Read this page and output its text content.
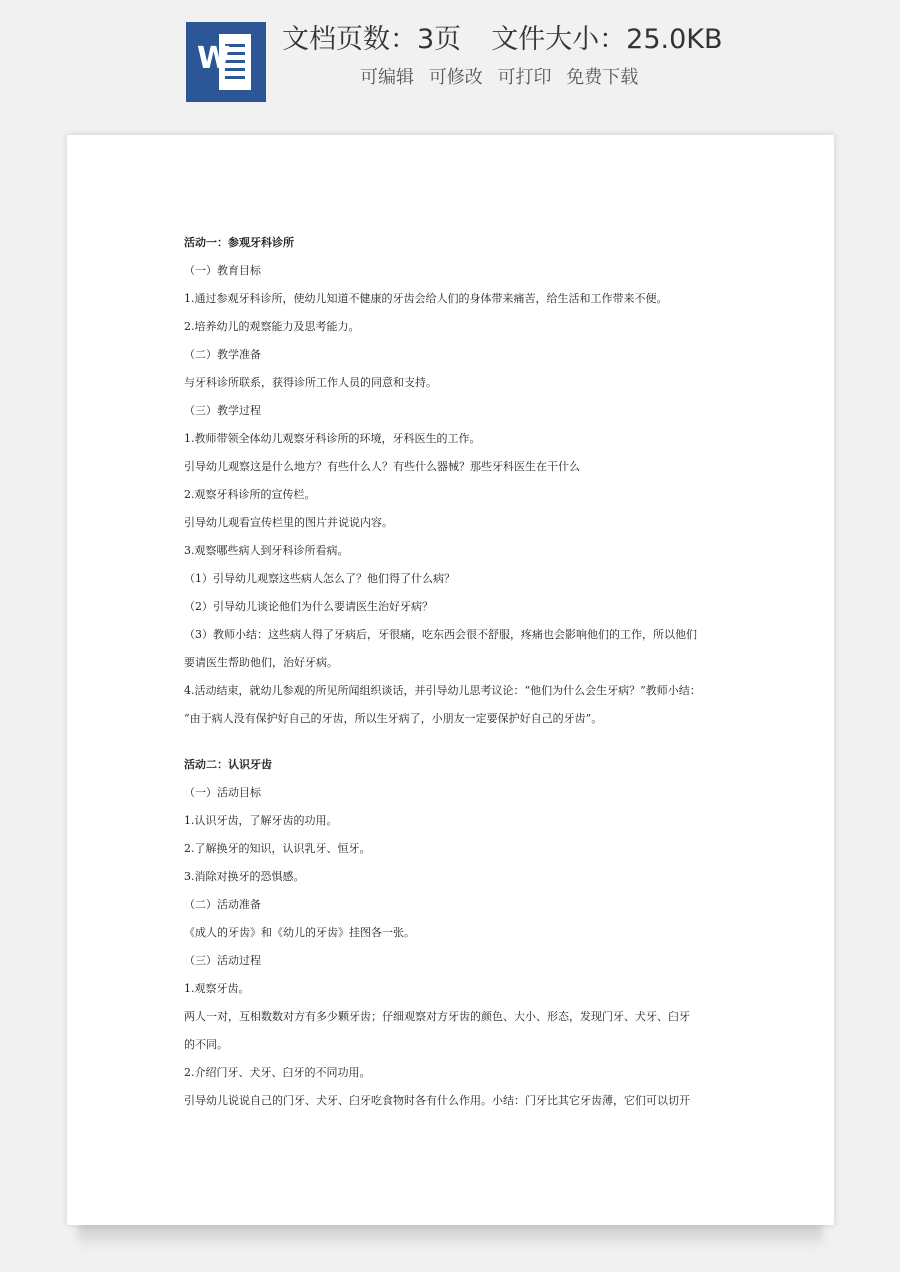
W
文档页数：3页 文件大小：25.0KB
可编辑 可修改 可打印 免费下载
活动一：参观牙科诊所
（一）教育目标
1.通过参观牙科诊所，使幼儿知道不健康的牙齿会给人们的身体带来痛苦，给生活和工作带来不便。
2.培养幼儿的观察能力及思考能力。
（二）教学准备
与牙科诊所联系，获得诊所工作人员的同意和支持。
（三）教学过程
1.教师带领全体幼儿观察牙科诊所的环境，牙科医生的工作。
引导幼儿观察这是什么地方？有些什么人？有些什么器械？那些牙科医生在干什么
2.观察牙科诊所的宣传栏。
引导幼儿观看宣传栏里的图片并说说内容。
3.观察哪些病人到牙科诊所看病。
（1）引导幼儿观察这些病人怎么了？他们得了什么病？
（2）引导幼儿谈论他们为什么要请医生治好牙病？
（3）教师小结：这些病人得了牙病后，牙很痛，吃东西会很不舒服，疼痛也会影响他们的工作，所以他们
要请医生帮助他们，治好牙病。
4.活动结束，就幼儿参观的所见所闻组织谈话，并引导幼儿思考议论：“他们为什么会生牙病？”教师小结：
“由于病人没有保护好自己的牙齿，所以生牙病了，小朋友一定要保护好自己的牙齿”。
活动二：认识牙齿
（一）活动目标
1.认识牙齿，了解牙齿的功用。
2.了解换牙的知识，认识乳牙、恒牙。
3.消除对换牙的恐惧感。
（二）活动准备
《成人的牙齿》和《幼儿的牙齿》挂图各一张。
（三）活动过程
1.观察牙齿。
两人一对，互相数数对方有多少颗牙齿；仔细观察对方牙齿的颜色、大小、形态，发现门牙、犬牙、臼牙
的不同。
2.介绍门牙、犬牙、臼牙的不同功用。
引导幼儿说说自己的门牙、犬牙、臼牙吃食物时各有什么作用。小结：门牙比其它牙齿薄，它们可以切开
